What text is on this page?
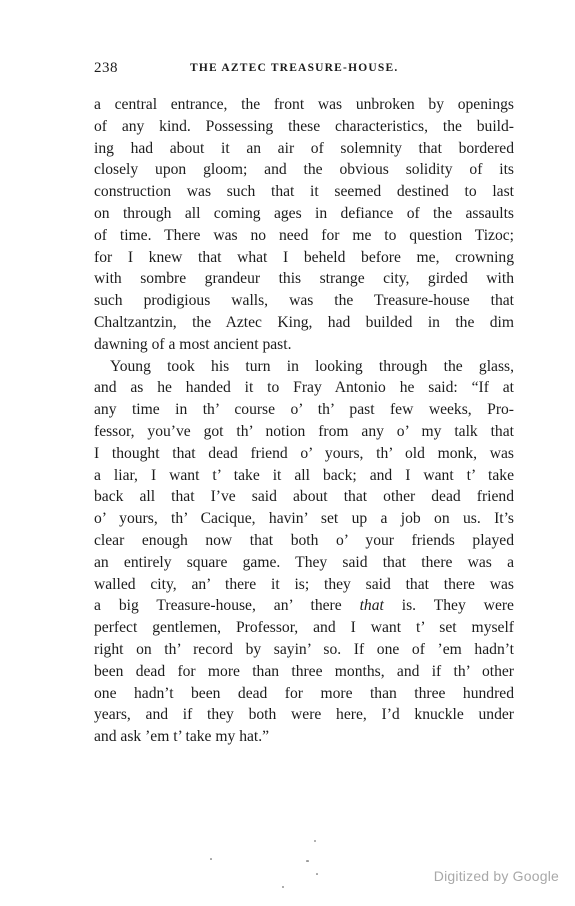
238	THE AZTEC TREASURE-HOUSE.
a central entrance, the front was unbroken by openings
of any kind. Possessing these characteristics, the build-
ing had about it an air of solemnity that bordered
closely upon gloom; and the obvious solidity of its
construction was such that it seemed destined to last
on through all coming ages in defiance of the assaults
of time. There was no need for me to question Tizoc;
for I knew that what I beheld before me, crowning
with sombre grandeur this strange city, girded with
such prodigious walls, was the Treasure-house that
Chaltzantzin, the Aztec King, had builded in the dim
dawning of a most ancient past.
Young took his turn in looking through the glass,
and as he handed it to Fray Antonio he said: “If at
any time in th’ course o’ th’ past few weeks, Pro-
fessor, you’ve got th’ notion from any o’ my talk that
I thought that dead friend o’ yours, th’ old monk, was
a liar, I want t’ take it all back; and I want t’ take
back all that I’ve said about that other dead friend
o’ yours, th’ Cacique, havin’ set up a job on us. It’s
clear enough now that both o’ your friends played
an entirely square game. They said that there was a
walled city, an’ there it is; they said that there was
a big Treasure-house, an’ there that is. They were
perfect gentlemen, Professor, and I want t’ set myself
right on th’ record by sayin’ so. If one of ’em hadn’t
been dead for more than three months, and if th’ other
one hadn’t been dead for more than three hundred
years, and if they both were here, I’d knuckle under
and ask ’em t’ take my hat.”
Digitized by Google
